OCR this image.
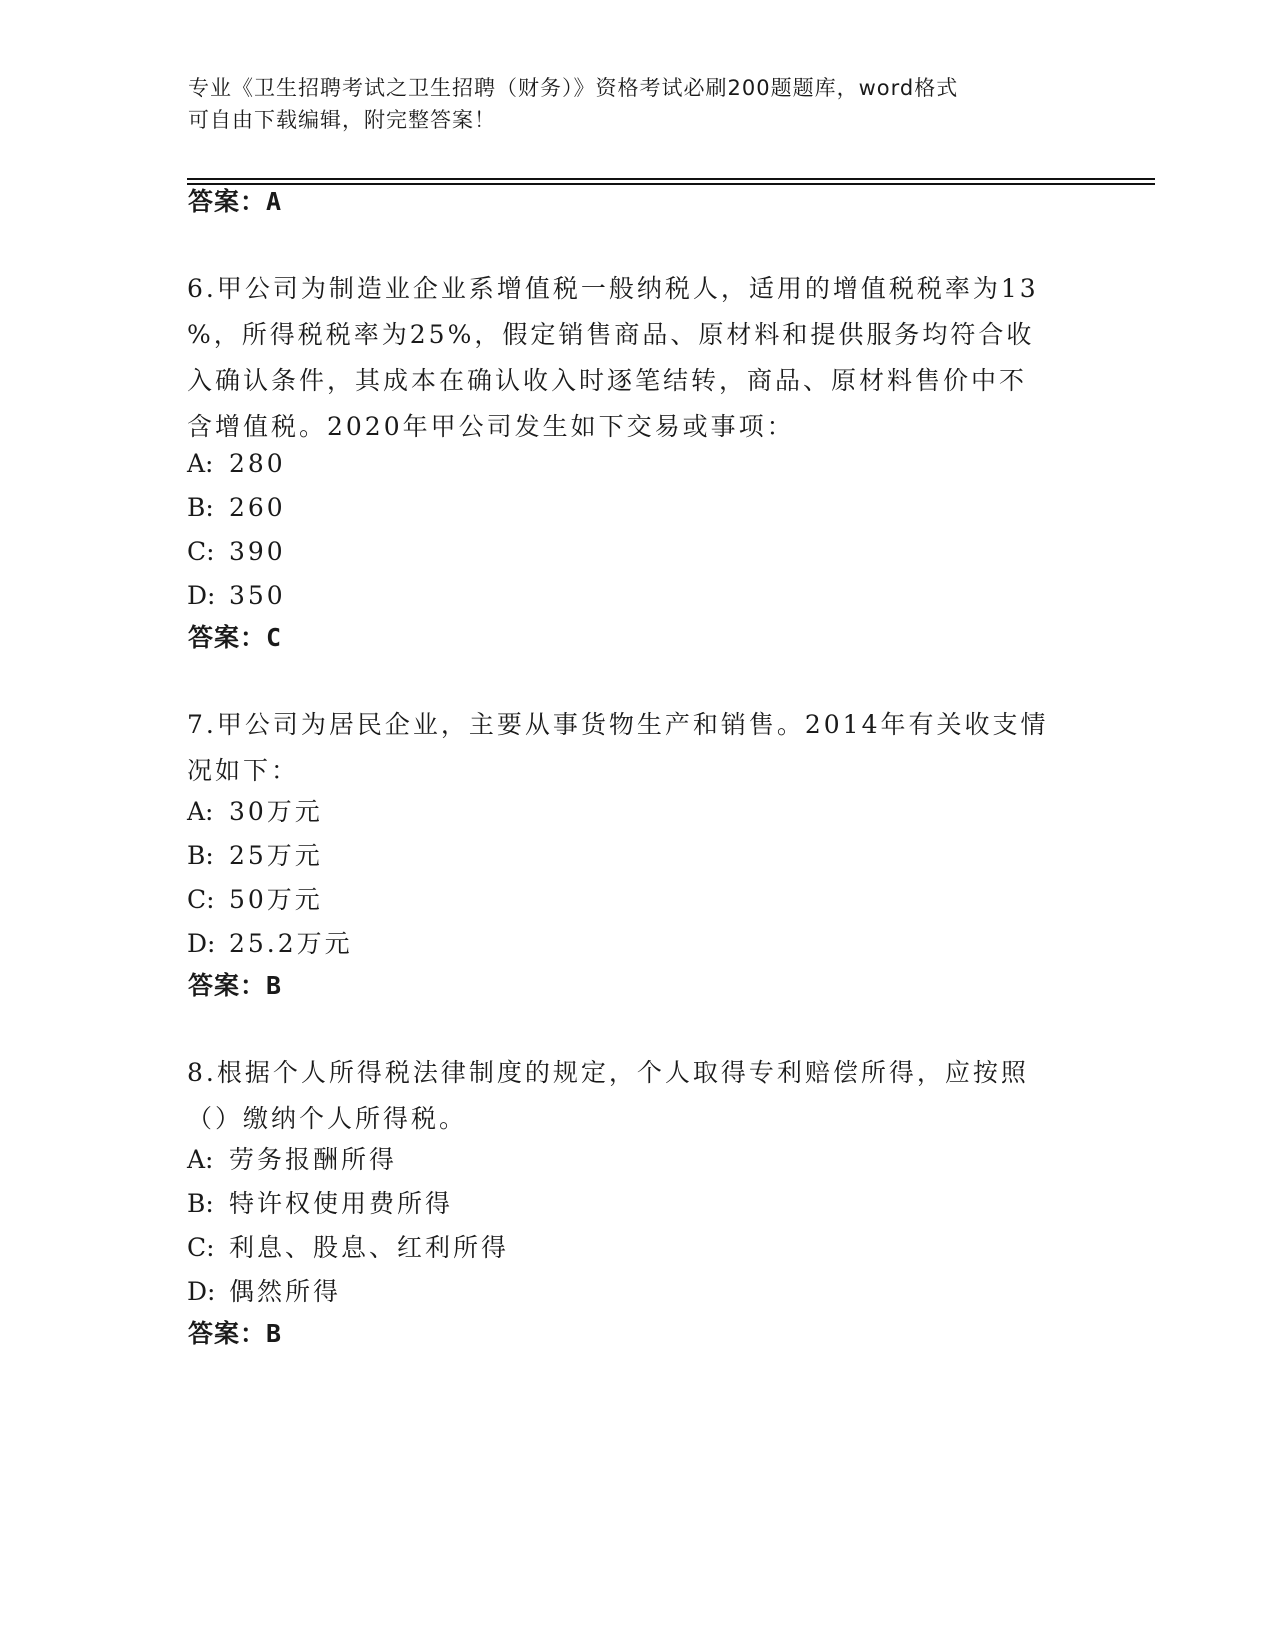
专业《卫生招聘考试之卫生招聘（财务）》资格考试必刷200题题库，word格式
可自由下载编辑，附完整答案！
答案：A
6.甲公司为制造业企业系增值税一般纳税人，适用的增值税税率为13
%，所得税税率为25%，假定销售商品、原材料和提供服务均符合收
入确认条件，其成本在确认收入时逐笔结转，商品、原材料售价中不
含增值税。2020年甲公司发生如下交易或事项：
A: 280
B: 260
C: 390
D: 350
答案：C
7.甲公司为居民企业，主要从事货物生产和销售。2014年有关收支情
况如下：
A: 30万元
B: 25万元
C: 50万元
D: 25.2万元
答案：B
8.根据个人所得税法律制度的规定，个人取得专利赔偿所得，应按照
（）缴纳个人所得税。
A: 劳务报酬所得
B: 特许权使用费所得
C: 利息、股息、红利所得
D: 偶然所得
答案：B
